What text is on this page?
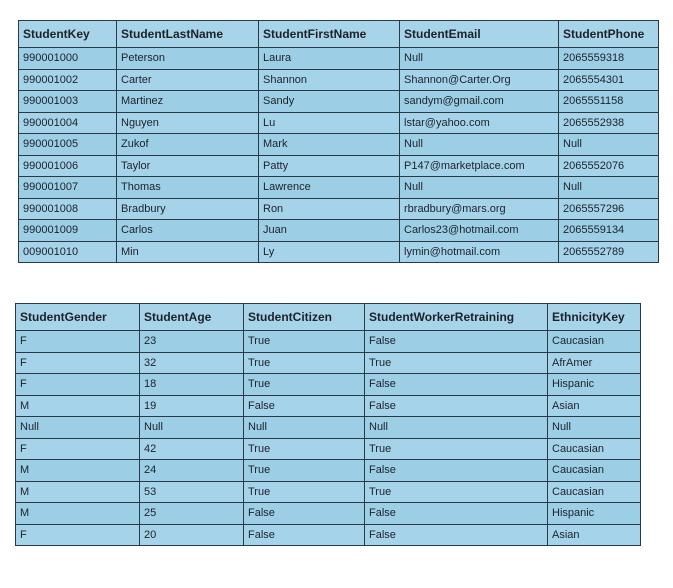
StudentKey	StudentLastName	StudentFirstName	StudentEmail	StudentPhone
990001000	Peterson	Laura	Null	2065559318
990001002	Carter	Shannon	Shannon@Carter.Org	2065554301
990001003	Martinez	Sandy	sandym@gmail.com	2065551158
990001004	Nguyen	Lu	lstar@yahoo.com	2065552938
990001005	Zukof	Mark	Null	Null
990001006	Taylor	Patty	P147@marketplace.com	2065552076
990001007	Thomas	Lawrence	Null	Null
990001008	Bradbury	Ron	rbradbury@mars.org	2065557296
990001009	Carlos	Juan	Carlos23@hotmail.com	2065559134
009001010	Min	Ly	lymin@hotmail.com	2065552789
StudentGender	StudentAge	StudentCitizen	StudentWorkerRetraining	EthnicityKey
F	23	True	False	Caucasian
F	32	True	True	AfrAmer
F	18	True	False	Hispanic
M	19	False	False	Asian
Null	Null	Null	Null	Null
F	42	True	True	Caucasian
M	24	True	False	Caucasian
M	53	True	True	Caucasian
M	25	False	False	Hispanic
F	20	False	False	Asian
